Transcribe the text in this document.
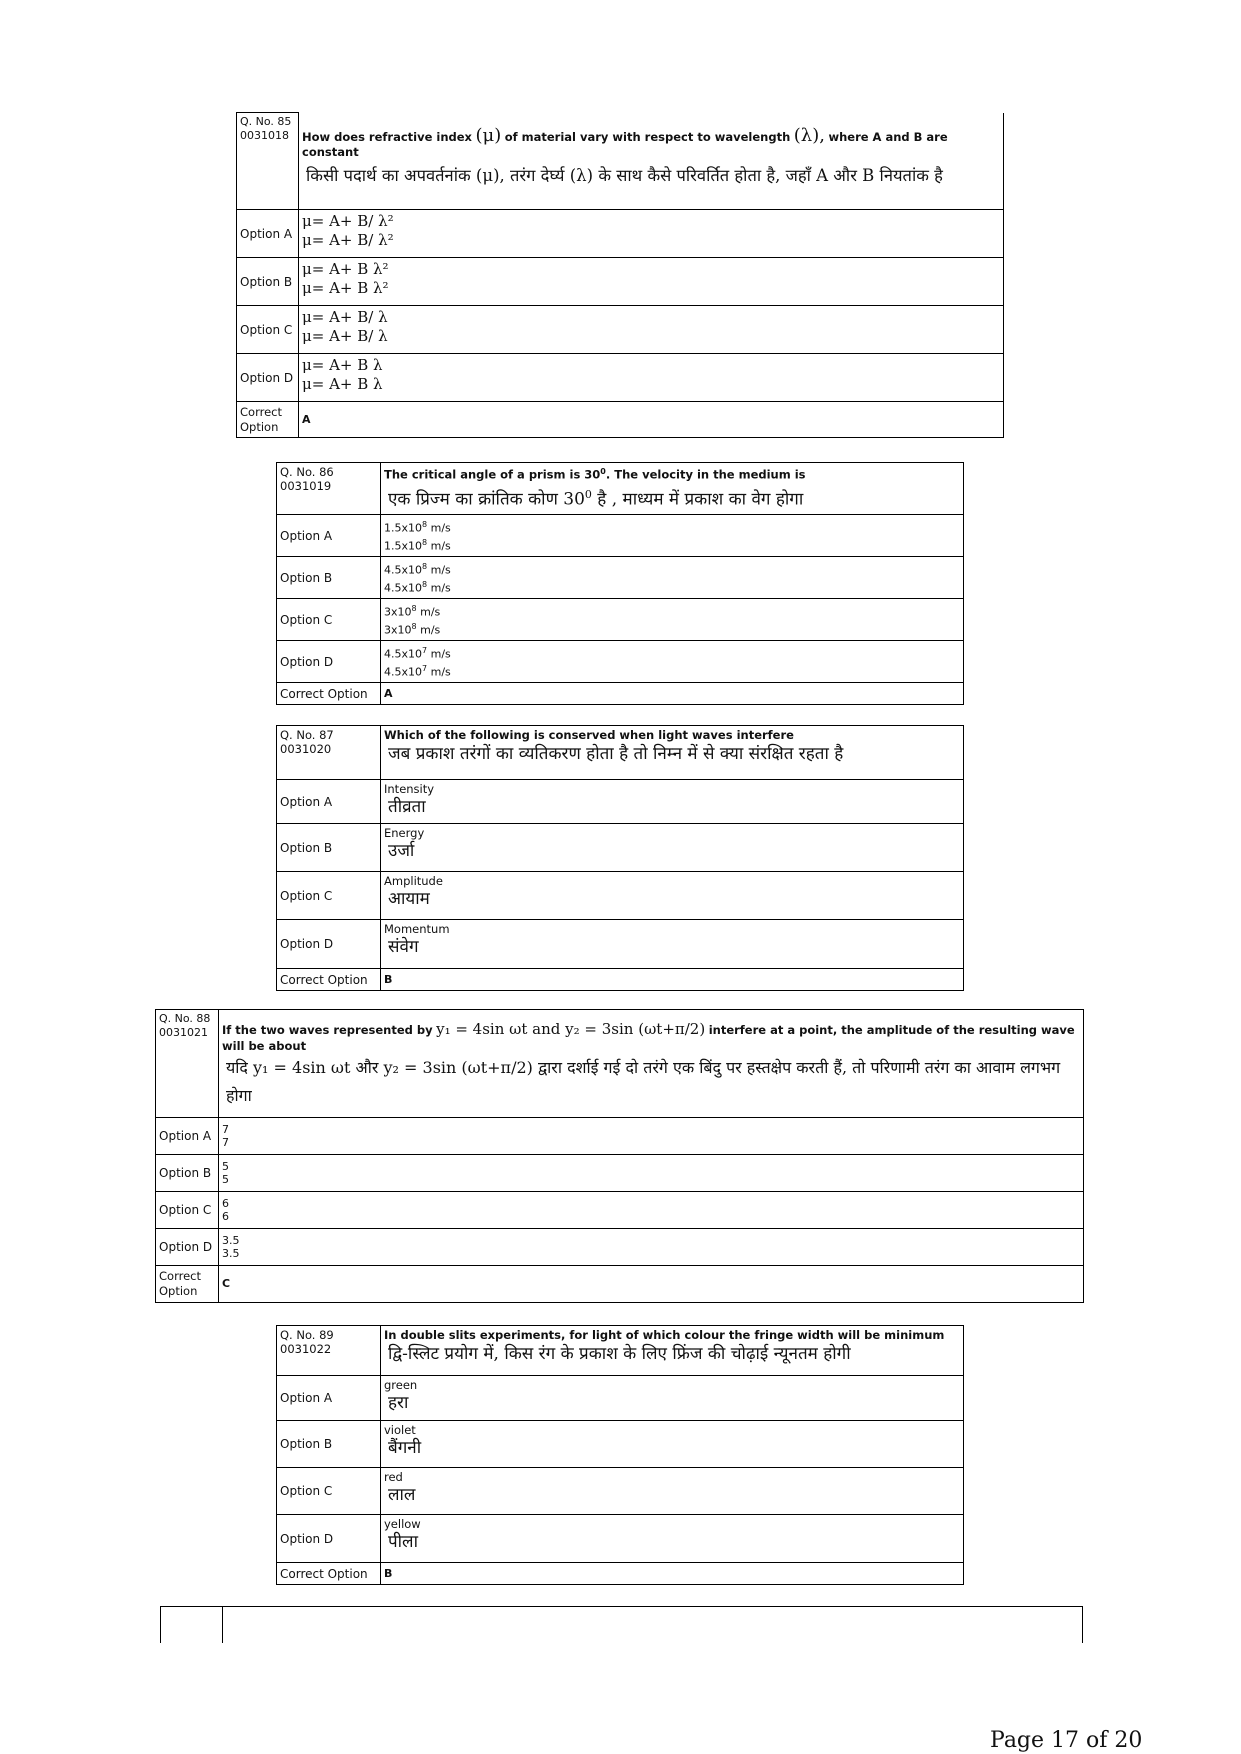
Q. No. 85 0031018	How does refractive index (μ) of material vary with respect to wavelength (λ), where A and B are constant
किसी पदार्थ का अपवर्तनांक (μ), तरंग देर्घ्य (λ) के साथ कैसे परिवर्तित होता है, जहाँ A और B नियतांक है

Option A	μ= A+ B/ λ²
μ= A+ B/ λ²

Option B	μ= A+ B λ²
μ= A+ B λ²

Option C	μ= A+ B/ λ
μ= A+ B/ λ

Option D	μ= A+ B λ
μ= A+ B λ

Correct Option	A
Q. No. 86 0031019	The critical angle of a prism is $30^0$. The velocity in the medium is
एक प्रिज्म का क्रांतिक कोण $30^0$ है , माध्यम में प्रकाश का वेग होगा

Option A	$1.5x10^8$ m/s
$1.5x10^8$ m/s

Option B	$4.5x10^8$ m/s
$4.5x10^8$ m/s

Option C	$3x10^8$ m/s
$3x10^8$ m/s

Option D	$4.5x10^7$ m/s
$4.5x10^7$ m/s

Correct Option	A
Q. No. 87 0031020	Which of the following is conserved when light waves interfere
जब प्रकाश तरंगों का व्यतिकरण होता है तो निम्न में से क्या संरक्षित रहता है

Option A	Intensity
तीव्रता

Option B	Energy
उर्जा

Option C	Amplitude
आयाम

Option D	Momentum
संवेग

Correct Option	B
Q. No. 88 0031021	If the two waves represented by y₁ = 4sin ωt and y₂ = 3sin (ωt+π/2) interfere at a point, the amplitude of the resulting wave will be about
यदि y₁ = 4sin ωt और y₂ = 3sin (ωt+π/2) द्वारा दर्शाई गई दो तरंगे एक बिंदु पर हस्तक्षेप करती हैं, तो परिणामी तरंग का आवाम लगभग होगा

Option A	7
7

Option B	5
5

Option C	6
6

Option D	3.5
3.5

Correct Option	C
Q. No. 89 0031022	In double slits experiments, for light of which colour the fringe width will be minimum
द्वि-स्लिट प्रयोग में, किस रंग के प्रकाश के लिए फ्रिंज की चोढ़ाई न्यूनतम होगी

Option A	green
हरा

Option B	violet
बैंगनी

Option C	red
लाल

Option D	yellow
पीला

Correct Option	B
Page 17 of 20
